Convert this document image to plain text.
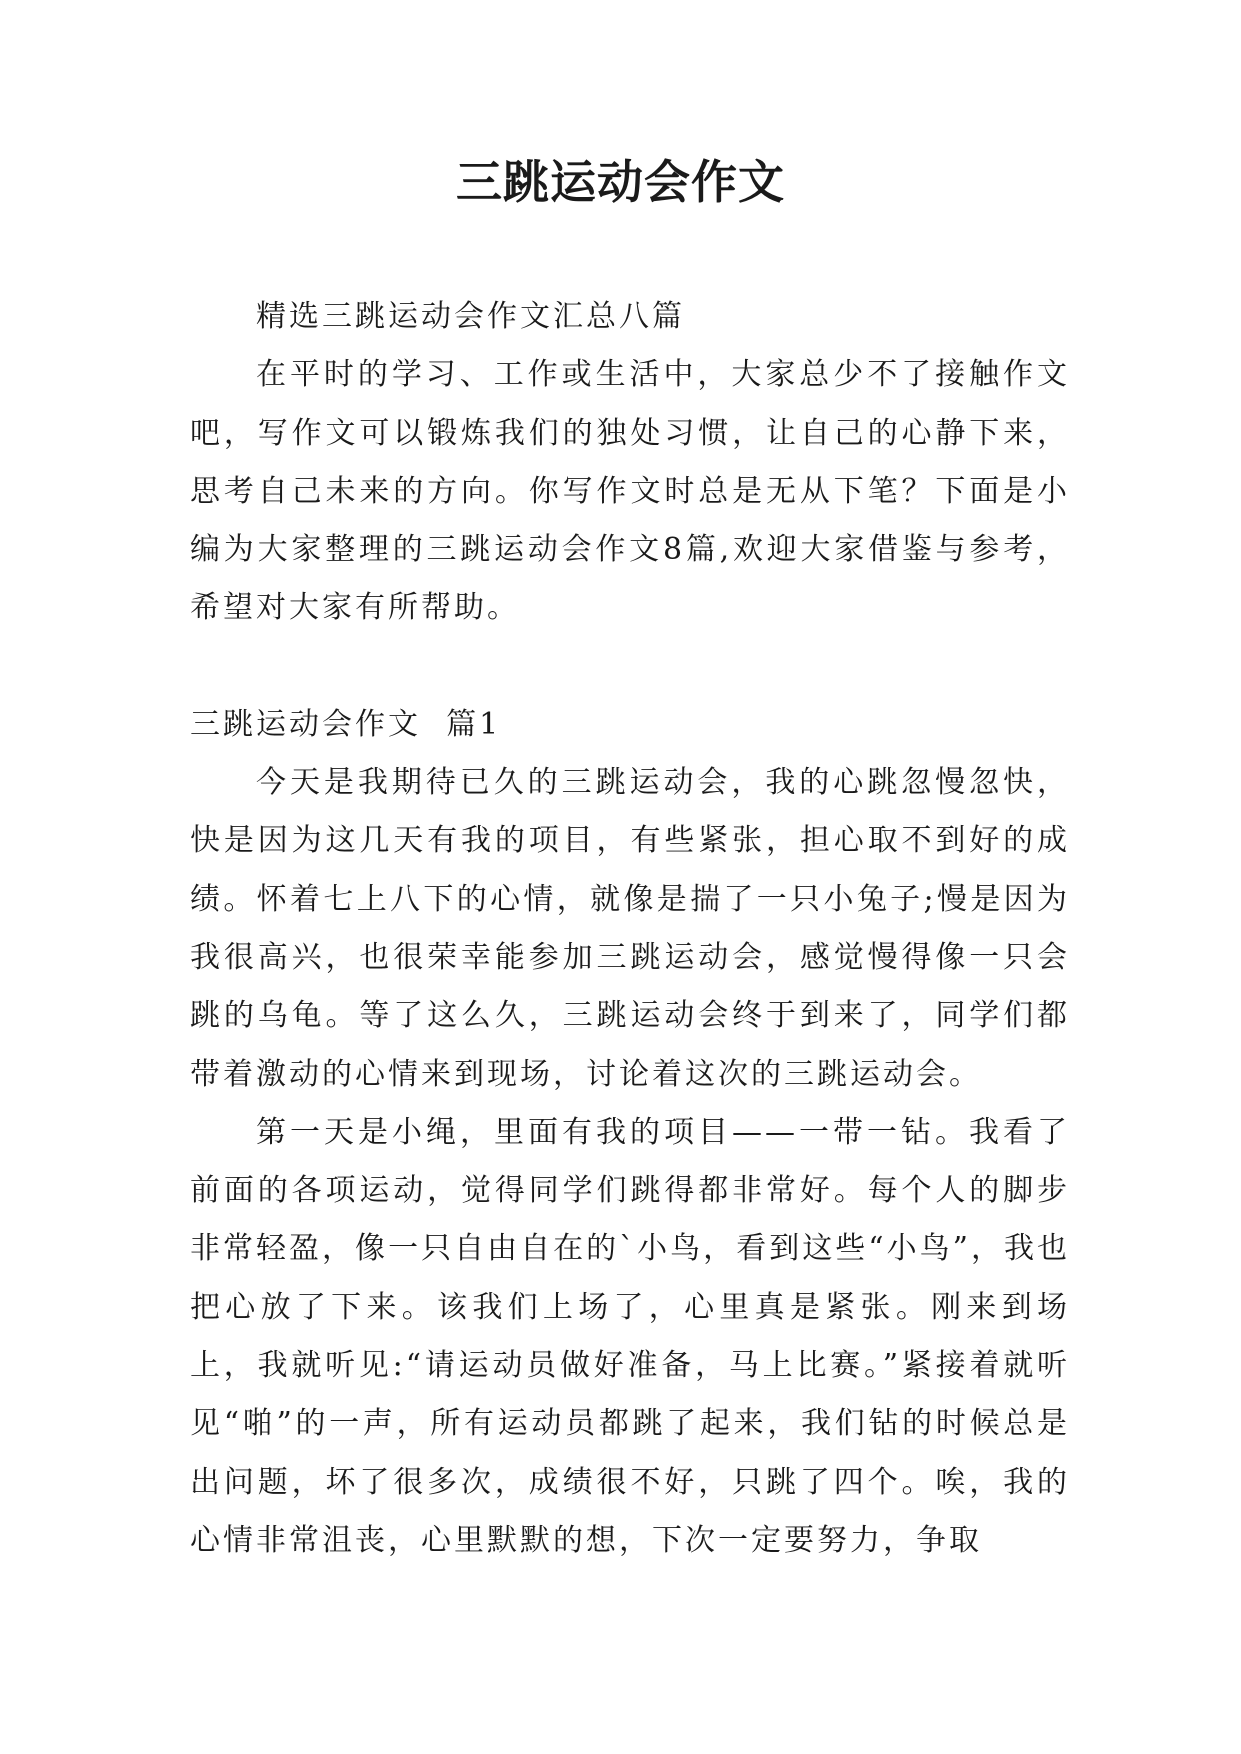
三跳运动会作文

精选三跳运动会作文汇总八篇

在平时的学习、工作或生活中，大家总少不了接触作文吧，写作文可以锻炼我们的独处习惯，让自己的心静下来，思考自己未来的方向。你写作文时总是无从下笔？下面是小编为大家整理的三跳运动会作文8篇,欢迎大家借鉴与参考，希望对大家有所帮助。

三跳运动会作文  篇1

今天是我期待已久的三跳运动会，我的心跳忽慢忽快，快是因为这几天有我的项目，有些紧张，担心取不到好的成绩。怀着七上八下的心情，就像是揣了一只小兔子;慢是因为我很高兴，也很荣幸能参加三跳运动会，感觉慢得像一只会跳的乌龟。等了这么久，三跳运动会终于到来了，同学们都带着激动的心情来到现场，讨论着这次的三跳运动会。

第一天是小绳，里面有我的项目——一带一钻。我看了前面的各项运动，觉得同学们跳得都非常好。每个人的脚步非常轻盈，像一只自由自在的`小鸟，看到这些“小鸟”，我也把心放了下来。该我们上场了，心里真是紧张。刚来到场上，我就听见:“请运动员做好准备，马上比赛。”紧接着就听见“啪”的一声，所有运动员都跳了起来，我们钻的时候总是出问题，坏了很多次，成绩很不好，只跳了四个。唉，我的心情非常沮丧，心里默默的想，下次一定要努力，争取
